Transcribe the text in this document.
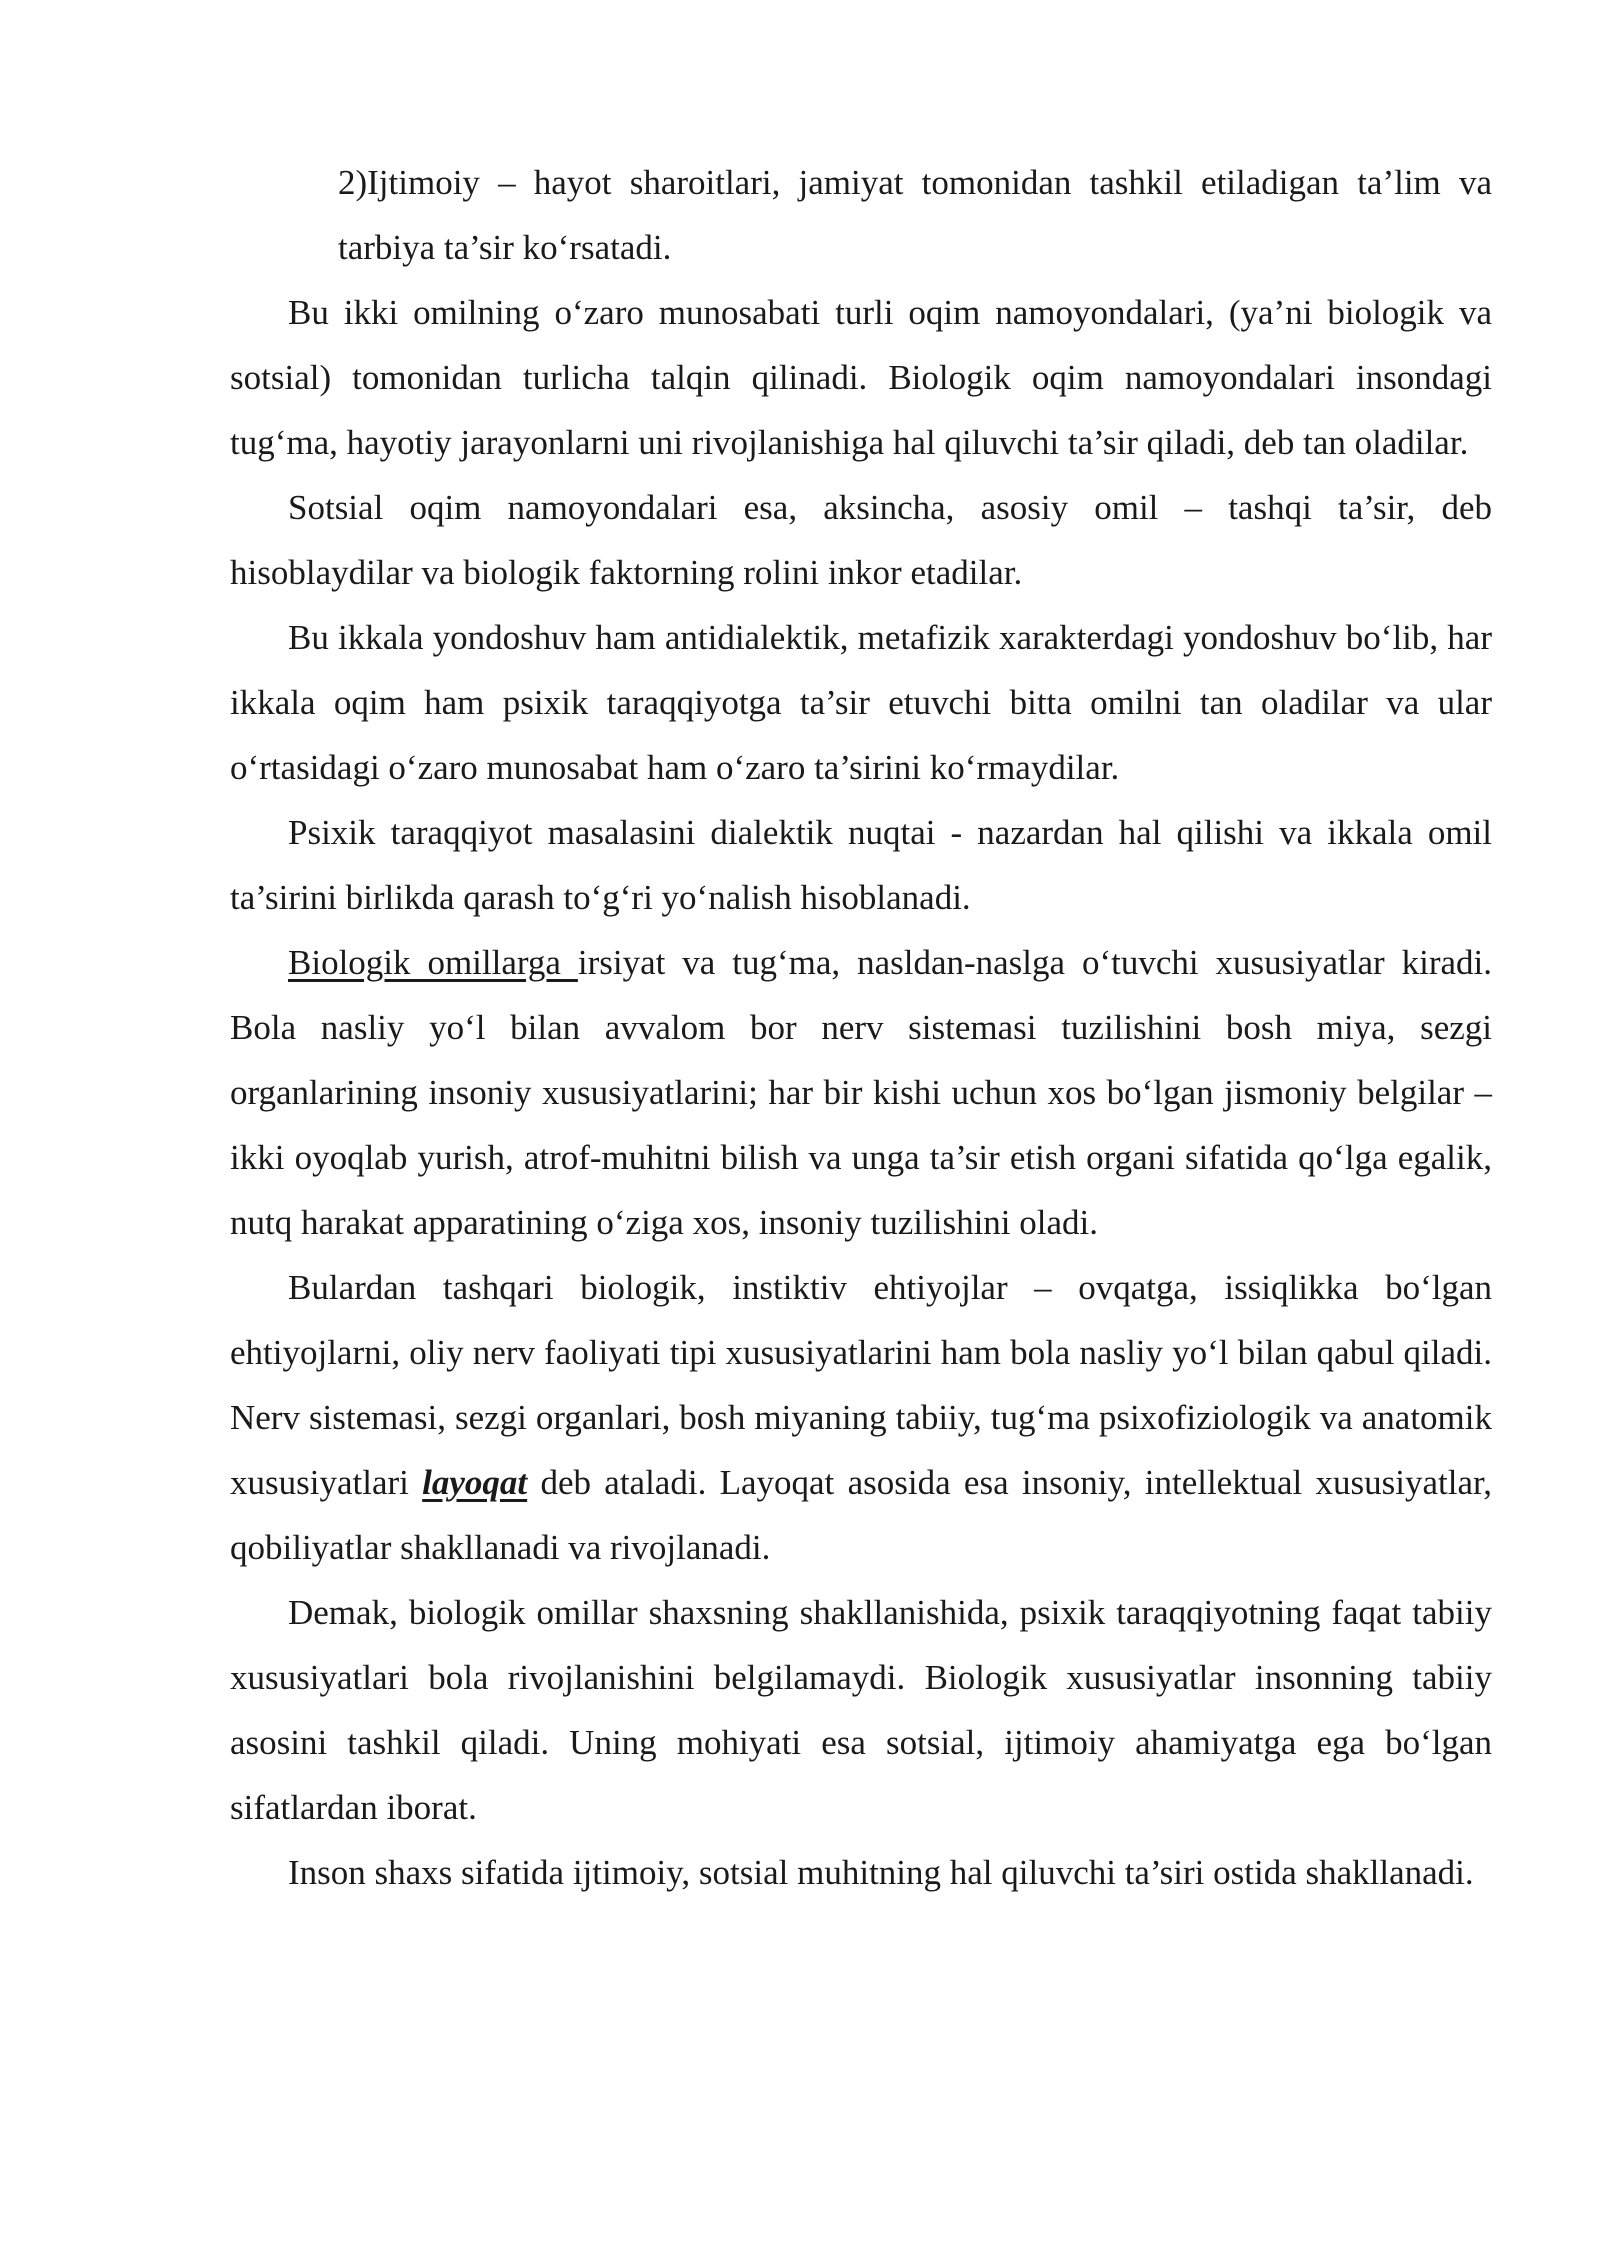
2)Ijtimoiy – hayot sharoitlari, jamiyat tomonidan tashkil etiladigan ta’lim va tarbiya ta’sir ko‘rsatadi.

Bu ikki omilning o‘zaro munosabati turli oqim namoyondalari, (ya’ni biologik va sotsial) tomonidan turlicha talqin qilinadi. Biologik oqim namoyondalari insondagi tug‘ma, hayotiy jarayonlarni uni rivojlanishiga hal qiluvchi ta’sir qiladi, deb tan oladilar.

Sotsial oqim namoyondalari esa, aksincha, asosiy omil – tashqi ta’sir, deb hisoblaydilar va biologik faktorning rolini inkor etadilar.

Bu ikkala yondoshuv ham antidialektik, metafizik xarakterdagi yondoshuv bo‘lib, har ikkala oqim ham psixik taraqqiyotga ta’sir etuvchi bitta omilni tan oladilar va ular o‘rtasidagi o‘zaro munosabat ham o‘zaro ta’sirini ko‘rmaydilar.

Psixik taraqqiyot masalasini dialektik nuqtai - nazardan hal qilishi va ikkala omil ta’sirini birlikda qarash to‘g‘ri yo‘nalish hisoblanadi.

Biologik omillarga irsiyat va tug‘ma, nasldan-naslga o‘tuvchi xususiyatlar kiradi. Bola nasliy yo‘l bilan avvalom bor nerv sistemasi tuzilishini bosh miya, sezgi organlarining insoniy xususiyatlarini; har bir kishi uchun xos bo‘lgan jismoniy belgilar – ikki oyoqlab yurish, atrof-muhitni bilish va unga ta’sir etish organi sifatida qo‘lga egalik, nutq harakat apparatining o‘ziga xos, insoniy tuzilishini oladi.

Bulardan tashqari biologik, instiktiv ehtiyojlar – ovqatga, issiqlikka bo‘lgan ehtiyojlarni, oliy nerv faoliyati tipi xususiyatlarini ham bola nasliy yo‘l bilan qabul qiladi. Nerv sistemasi, sezgi organlari, bosh miyaning tabiiy, tug‘ma psixofiziologik va anatomik xususiyatlari layoqat deb ataladi. Layoqat asosida esa insoniy, intellektual xususiyatlar, qobiliyatlar shakllanadi va rivojlanadi.

Demak, biologik omillar shaxsning shakllanishida, psixik taraqqiyotning faqat tabiiy xususiyatlari bola rivojlanishini belgilamaydi. Biologik xususiyatlar insonning tabiiy asosini tashkil qiladi. Uning mohiyati esa sotsial, ijtimoiy ahamiyatga ega bo‘lgan sifatlardan iborat.

Inson shaxs sifatida ijtimoiy, sotsial muhitning hal qiluvchi ta’siri ostida shakllanadi.
